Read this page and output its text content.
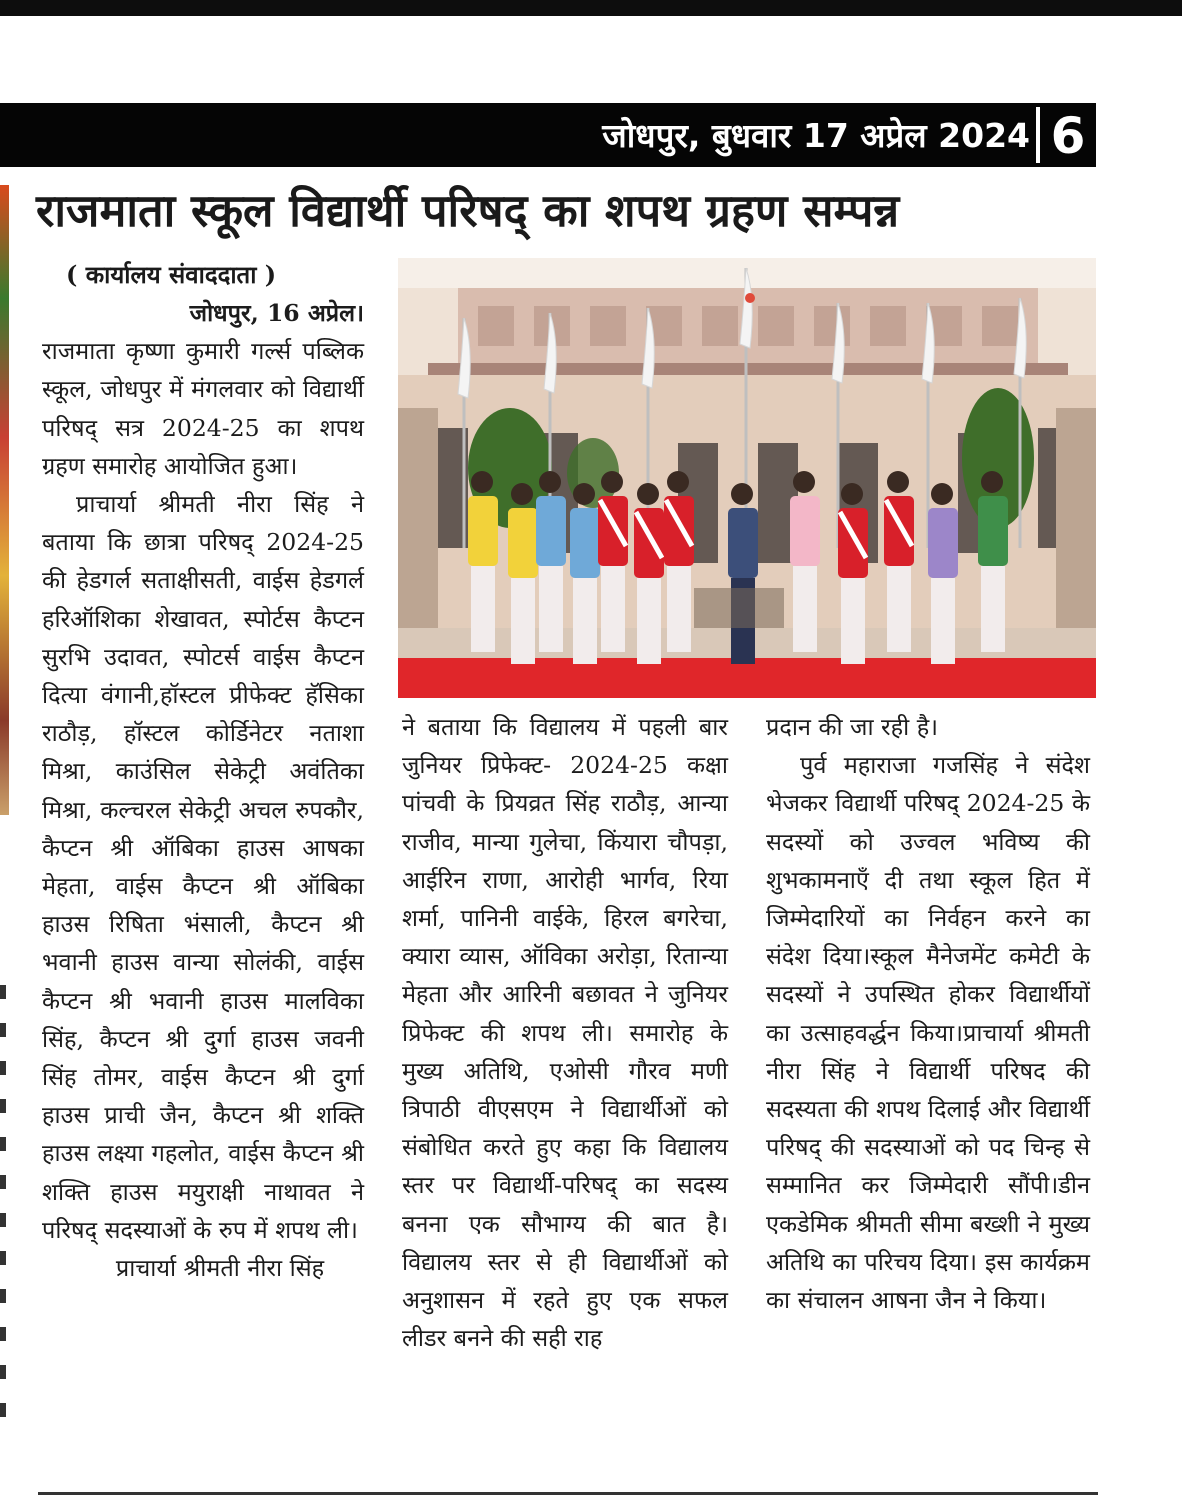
जोधपुर, बुधवार 17 अप्रेल 2024 6
राजमाता स्कूल विद्यार्थी परिषद् का शपथ ग्रहण सम्पन्न
( कार्यालय संवाददाता )

जोधपुर, 16 अप्रेल।

राजमाता कृष्णा कुमारी गर्ल्स पब्लिक स्कूल, जोधपुर में मंगलवार को विद्यार्थी परिषद् सत्र 2024-25 का शपथ ग्रहण समारोह आयोजित हुआ।

प्राचार्या श्रीमती नीरा सिंह ने बताया कि छात्रा परिषद् 2024-25 की हेडगर्ल सताक्षीसती, वाईस हेडगर्ल हरिऑशिका शेखावत, स्पोर्टस कैप्टन सुरभि उदावत, स्पोटर्स वाईस कैप्टन दित्या वंगानी,हॉस्टल प्रीफेक्ट हॅसिका राठौड़, हॉस्टल कोर्डिनेटर नताशा मिश्रा, काउंसिल सेकेट्री अवंतिका मिश्रा, कल्चरल सेकेट्री अचल रुपकौर, कैप्टन श्री ऑबिका हाउस आषका मेहता, वाईस कैप्टन श्री ऑबिका हाउस रिषिता भंसाली, कैप्टन श्री भवानी हाउस वान्या सोलंकी, वाईस कैप्टन श्री भवानी हाउस मालविका सिंह, कैप्टन श्री दुर्गा हाउस जवनी सिंह तोमर, वाईस कैप्टन श्री दुर्गा हाउस प्राची जैन, कैप्टन श्री शक्ति हाउस लक्ष्या गहलोत, वाईस कैप्टन श्री शक्ति हाउस मयुराक्षी नाथावत ने परिषद् सदस्याओं के रुप में शपथ ली।

प्राचार्या श्रीमती नीरा सिंह

ने बताया कि विद्यालय में पहली बार जुनियर प्रिफेक्ट- 2024-25 कक्षा पांचवी के प्रियव्रत सिंह राठौड़, आन्या राजीव, मान्या गुलेचा, किंयारा चौपड़ा, आईरिन राणा, आरोही भार्गव, रिया शर्मा, पानिनी वाईके, हिरल बगरेचा, क्यारा व्यास, ऑविका अरोड़ा, रितान्या मेहता और आरिनी बछावत ने जुनियर प्रिफेक्ट की शपथ ली। समारोह के मुख्य अतिथि, एओसी गौरव मणी त्रिपाठी वीएसएम ने विद्यार्थीओं को संबोधित करते हुए कहा कि विद्यालय स्तर पर विद्यार्थी-परिषद् का सदस्य बनना एक सौभाग्य की बात है।विद्यालय स्तर से ही विद्यार्थीओं को अनुशासन में रहते हुए एक सफल लीडर बनने की सही राह

प्रदान की जा रही है।

पुर्व महाराजा गजसिंह ने संदेश भेजकर विद्यार्थी परिषद् 2024-25 के सदस्यों को उज्वल भविष्य की शुभकामनाएँ दी तथा स्कूल हित में जिम्मेदारियों का निर्वहन करने का संदेश दिया।स्कूल मैनेजमेंट कमेटी के सदस्यों ने उपस्थित होकर विद्यार्थीयों का उत्साहवर्द्धन किया।प्राचार्या श्रीमती नीरा सिंह ने विद्यार्थी परिषद की सदस्यता की शपथ दिलाई और विद्यार्थी परिषद् की सदस्याओं को पद चिन्ह से सम्मानित कर जिम्मेदारी सौंपी।डीन एकडेमिक श्रीमती सीमा बख्शी ने मुख्य अतिथि का परिचय दिया। इस कार्यक्रम का संचालन आषना जैन ने किया।
